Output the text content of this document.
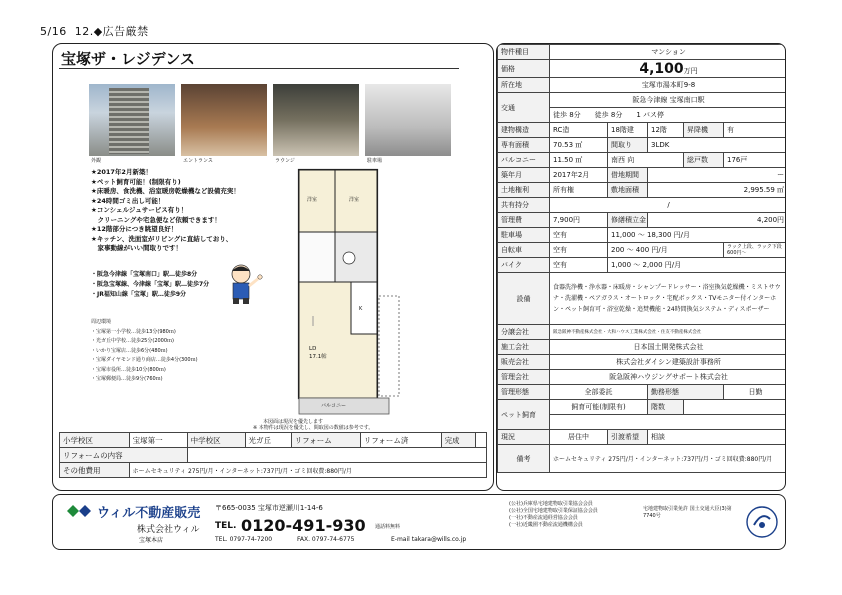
5/16 12.◆広告厳禁
宝塚ザ・レジデンス
外観	エントランス	ラウンジ	駐車場
★2017年2月新築！
★ペット飼育可能！(制限有り)
★床暖房、食洗機、浴室暖房乾燥機など設備充実！
★24時間ゴミ出し可能！
★コンシェルジュサービス有り！
　クリーニングや宅急便など依頼できます！
★12階部分につき眺望良好！
★キッチン、洗面室がリビングに直結しており、
　家事動線がいい間取りです！
・阪急今津線「宝塚南口」駅…徒歩8分
・阪急宝塚線、今津線「宝塚」駅…徒歩7分
・JR福知山線「宝塚」駅…徒歩9分
周辺環境
・宝塚第一小学校…徒歩13分(980ｍ)
・光ガ丘中学校…徒歩25分(2000ｍ)
・いかり宝塚店…徒歩6分(480ｍ)
・宝塚ダイヤモンド通り商店…徒歩4分(300ｍ)
・宝塚市役所…徒歩10分(800ｍ)
・宝塚郵便局…徒歩9分(760ｍ)
洋室	洋室
LD
17.1帖
K
バルコニー
本図面は現況を優先します
※ 本物件は現況を優先し、間取図の数値は参考です。
小学校区	宝塚第一	中学校区	光ガ丘	リフォーム	リフォーム済	完成	
リフォームの内容							
その他費用	ホームセキュリティ 275円/月・インターネット:737円/月・ゴミ回収費:880円/月						
物件種目	マンション				
価格	4,100万円				
所在地	宝塚市湯本町9-8				
交通	阪急今津線 宝塚南口駅				
	徒歩 8分　　徒歩 8分　　1 バス停				
建物構造	RC造	18階建	12階	昇降機	有
専有面積	70.53 ㎡	間取り	3LDK		
バルコニー	11.50 ㎡	南西 向		総戸数	176戸
築年月	2017年2月	借地期間	ー		
土地権利	所有権	敷地面積	2,995.59 ㎡		
共有持分	/				
管理費	7,900円	修繕積立金	4,200円		
駐車場	空有	11,000 ～ 18,300 円/月			
自転車	空有	200 ～ 400 円/月			ラック上段、ラック下段600円～
バイク	空有	1,000 ～ 2,000 円/月			
設備	食器洗浄機・浄水器・床暖房・シャンプードレッサー・浴室換気乾燥機・ミストサウナ・洗濯機・ペアガラス・オートロック・宅配ボックス・TVモニター付インターホン・ペット飼育可・浴室乾燥・追焚機能・24時間換気システム・ディスポーザー				
分譲会社	阪急阪神不動産株式会社・大和ハウス工業株式会社・住友不動産株式会社				
施工会社	日本国土開発株式会社				
販売会社	株式会社ダイシン建築設計事務所				
管理会社	阪急阪神ハウジングサポート株式会社				
管理形態	全部委託		勤務形態		日勤
ペット飼育	飼育可能(制限有)		階数		

現況	居住中	引渡希望	相談		
備考	ホームセキュリティ 275円/月・インターネット:737円/月・ゴミ回収費:880円/月				
ウィル不動産販売
株式会社ウィル
宝塚本店
〒665-0035 宝塚市逆瀬川1-14-6
TEL. 0120-491-930 通話料無料
TEL. 0797-74-7200	FAX. 0797-74-6775	E-mail takara@wills.co.jp
(公社)兵庫県宅地建物取引業協会会員
(公社)全国宅地建物取引業保証協会会員
(一社)不動産流通経営協会会員
(一社)近畿圏不動産流通機構会員
宅地建物取引業免許 国土交通大臣(3)第7740号
